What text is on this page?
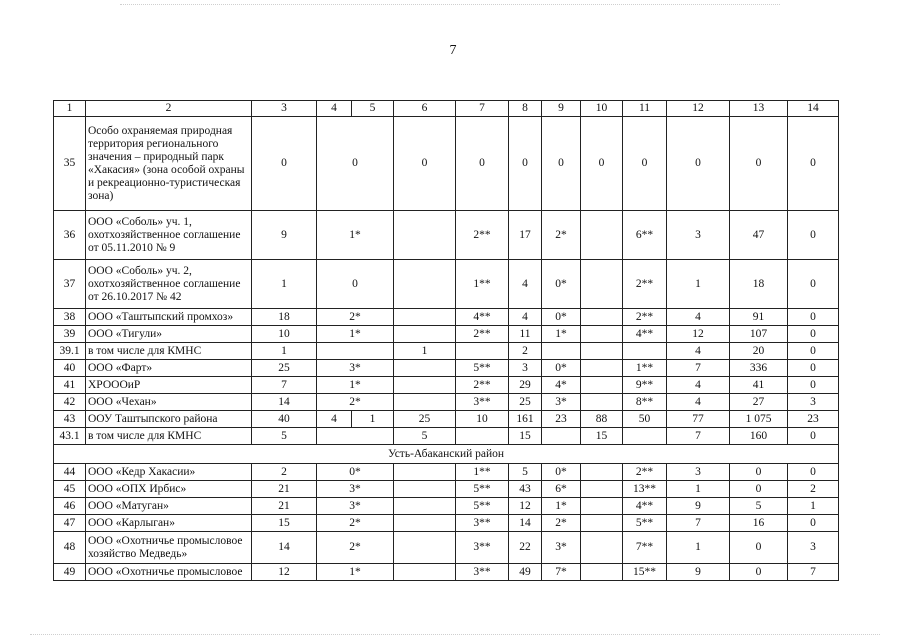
7
1	2	3	4	5	6	7	8	9	10	11	12	13	14
35	Особо охраняемая природная территория регионального значения – природный парк «Хакасия» (зона особой охраны и рекреационно-туристическая зона)	0	0		0	0	0	0	0	0	0	0	0
36	ООО «Соболь» уч. 1, охотхозяйственное соглашение от 05.11.2010 № 9	9	1*			2**	17	2*		6**	3	47	0
37	ООО «Соболь» уч. 2, охотхозяйственное соглашение от 26.10.2017 № 42	1	0			1**	4	0*		2**	1	18	0
38	ООО «Таштыпский промхоз»	18	2*			4**	4	0*		2**	4	91	0
39	ООО «Тигули»	10	1*			2**	11	1*		4**	12	107	0
39.1	в том числе для КМНС	1			1		2				4	20	0
40	ООО «Фарт»	25	3*			5**	3	0*		1**	7	336	0
41	ХРОООиР	7	1*			2**	29	4*		9**	4	41	0
42	ООО «Чехан»	14	2*			3**	25	3*		8**	4	27	3
43	ООУ Таштыпского района	40	4	1	25	10	161	23	88	50	77	1 075	23
43.1	в том числе для КМНС	5			5		15		15		7	160	0
Усть-Абаканский район													
44	ООО «Кедр Хакасии»	2	0*			1**	5	0*		2**	3	0	0
45	ООО «ОПХ Ирбис»	21	3*			5**	43	6*		13**	1	0	2
46	ООО «Матуган»	21	3*			5**	12	1*		4**	9	5	1
47	ООО «Карлыган»	15	2*			3**	14	2*		5**	7	16	0
48	ООО «Охотничье промысловое хозяйство Медведь»	14	2*			3**	22	3*		7**	1	0	3
49	ООО «Охотничье промысловое	12	1*			3**	49	7*		15**	9	0	7
